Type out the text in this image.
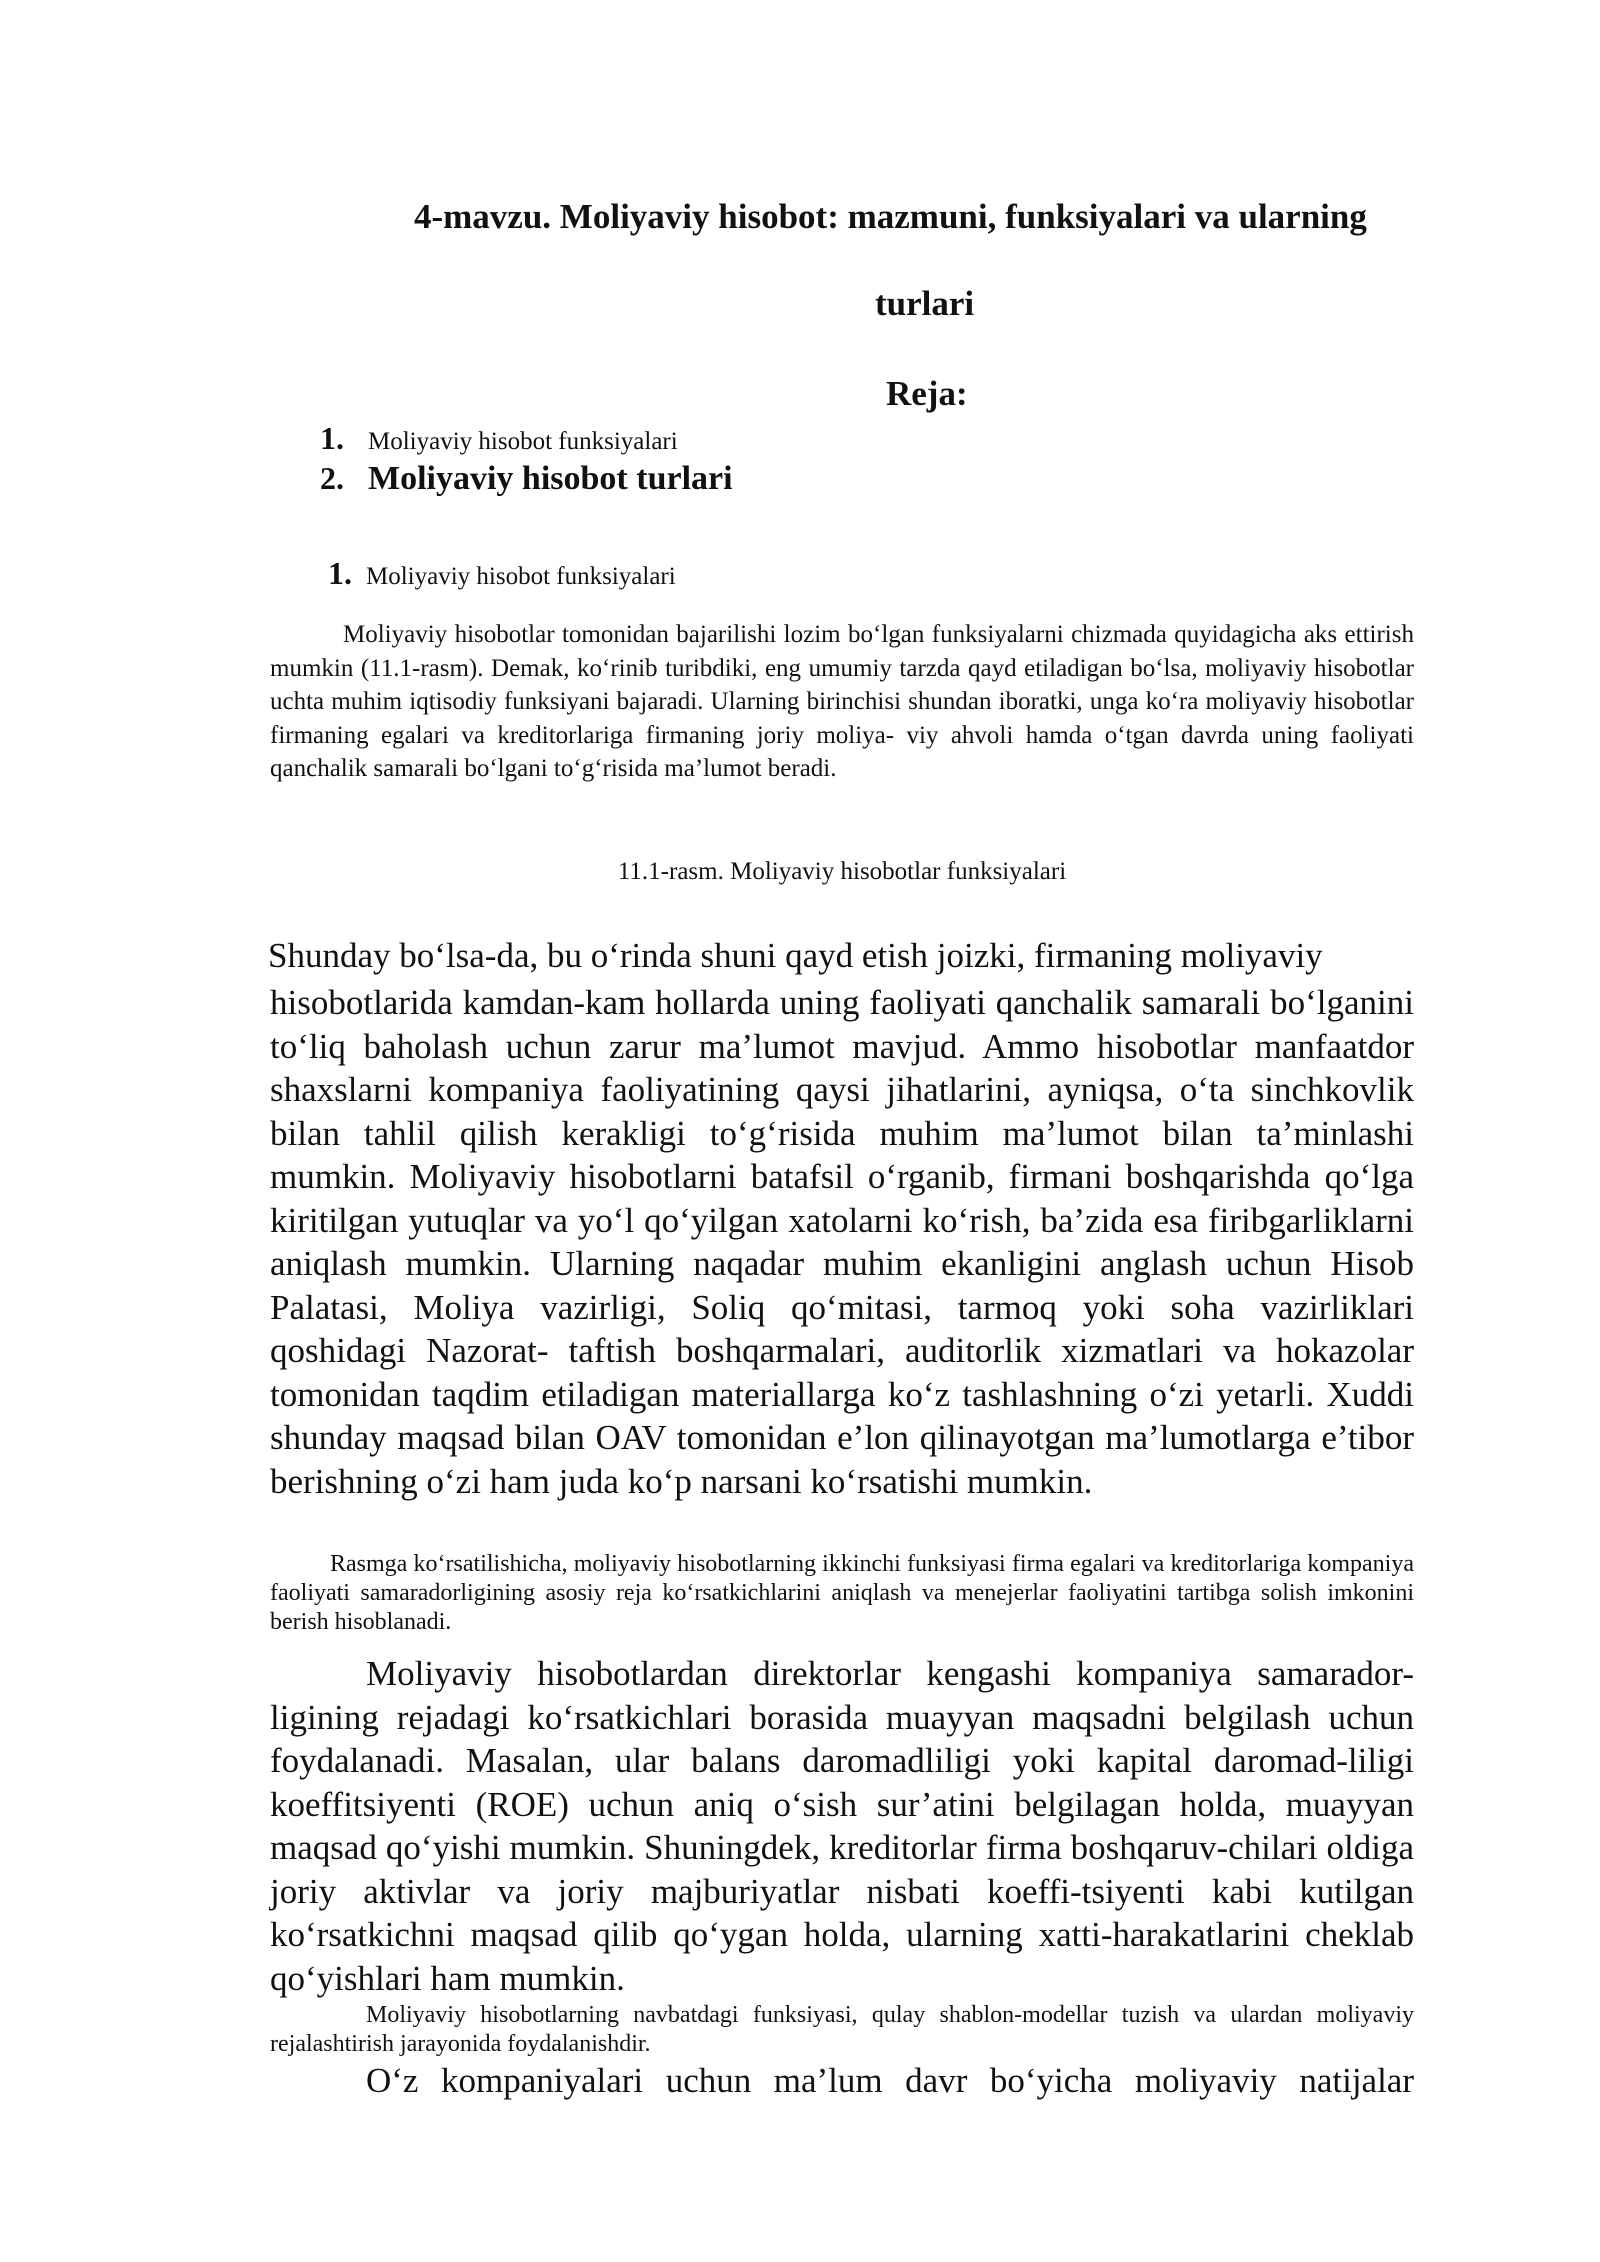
4-mavzu. Moliyaviy hisobot: mazmuni, funksiyalari va ularning
turlari
Reja:
1. Moliyaviy hisobot funksiyalari
2. Moliyaviy hisobot turlari
1. Moliyaviy hisobot funksiyalari

Moliyaviy hisobotlar tomonidan bajarilishi lozim bo‘lgan funksiyalarni chizmada quyidagicha aks ettirish mumkin (11.1-rasm). Demak, ko‘rinib turibdiki, eng umumiy tarzda qayd etiladigan bo‘lsa, moliyaviy hisobotlar uchta muhim iqtisodiy funksiyani bajaradi. Ularning birinchisi shundan iboratki, unga ko‘ra moliyaviy hisobotlar firmaning egalari va kreditorlariga firmaning joriy moliya- viy ahvoli hamda o‘tgan davrda uning faoliyati qanchalik samarali bo‘lgani to‘g‘risida ma’lumot beradi.

11.1-rasm. Moliyaviy hisobotlar funksiyalari

Shunday bo‘lsa-da, bu o‘rinda shuni qayd etish joizki, firmaning moliyaviy

hisobotlarida kamdan-kam hollarda uning faoliyati qanchalik samarali bo‘lganini to‘liq baholash uchun zarur ma’lumot mavjud. Ammo hisobotlar manfaatdor shaxslarni kompaniya faoliyatining qaysi jihatlarini, ayniqsa, o‘ta sinchkovlik bilan tahlil qilish kerakligi to‘g‘risida muhim ma’lumot bilan ta’minlashi mumkin. Moliyaviy hisobotlarni batafsil o‘rganib, firmani boshqarishda qo‘lga kiritilgan yutuqlar va yo‘l qo‘yilgan xatolarni ko‘rish, ba’zida esa firibgarliklarni aniqlash mumkin. Ularning naqadar muhim ekanligini anglash uchun Hisob Palatasi, Moliya vazirligi, Soliq qo‘mitasi, tarmoq yoki soha vazirliklari qoshidagi Nazorat- taftish boshqarmalari, auditorlik xizmatlari va hokazolar tomonidan taqdim etiladigan materiallarga ko‘z tashlashning o‘zi yetarli. Xuddi shunday maqsad bilan OAV tomonidan e’lon qilinayotgan ma’lumotlarga e’tibor berishning o‘zi ham juda ko‘p narsani ko‘rsatishi mumkin.

Rasmga ko‘rsatilishicha, moliyaviy hisobotlarning ikkinchi funksiyasi firma egalari va kreditorlariga kompaniya faoliyati samaradorligining asosiy reja ko‘rsatkichlarini aniqlash va menejerlar faoliyatini tartibga solish imkonini berish hisoblanadi.

Moliyaviy hisobotlardan direktorlar kengashi kompaniya samarador-ligining rejadagi ko‘rsatkichlari borasida muayyan maqsadni belgilash uchun foydalanadi. Masalan, ular balans daromadliligi yoki kapital daromad-liligi koeffitsiyenti (ROE) uchun aniq o‘sish sur’atini belgilagan holda, muayyan maqsad qo‘yishi mumkin. Shuningdek, kreditorlar firma boshqaruv-chilari oldiga joriy aktivlar va joriy majburiyatlar nisbati koeffi-tsiyenti kabi kutilgan ko‘rsatkichni maqsad qilib qo‘ygan holda, ularning xatti-harakatlarini cheklab qo‘yishlari ham mumkin.

Moliyaviy hisobotlarning navbatdagi funksiyasi, qulay shablon-modellar tuzish va ulardan moliyaviy rejalashtirish jarayonida foydalanishdir.

O‘z kompaniyalari uchun ma’lum davr bo‘yicha moliyaviy natijalar
